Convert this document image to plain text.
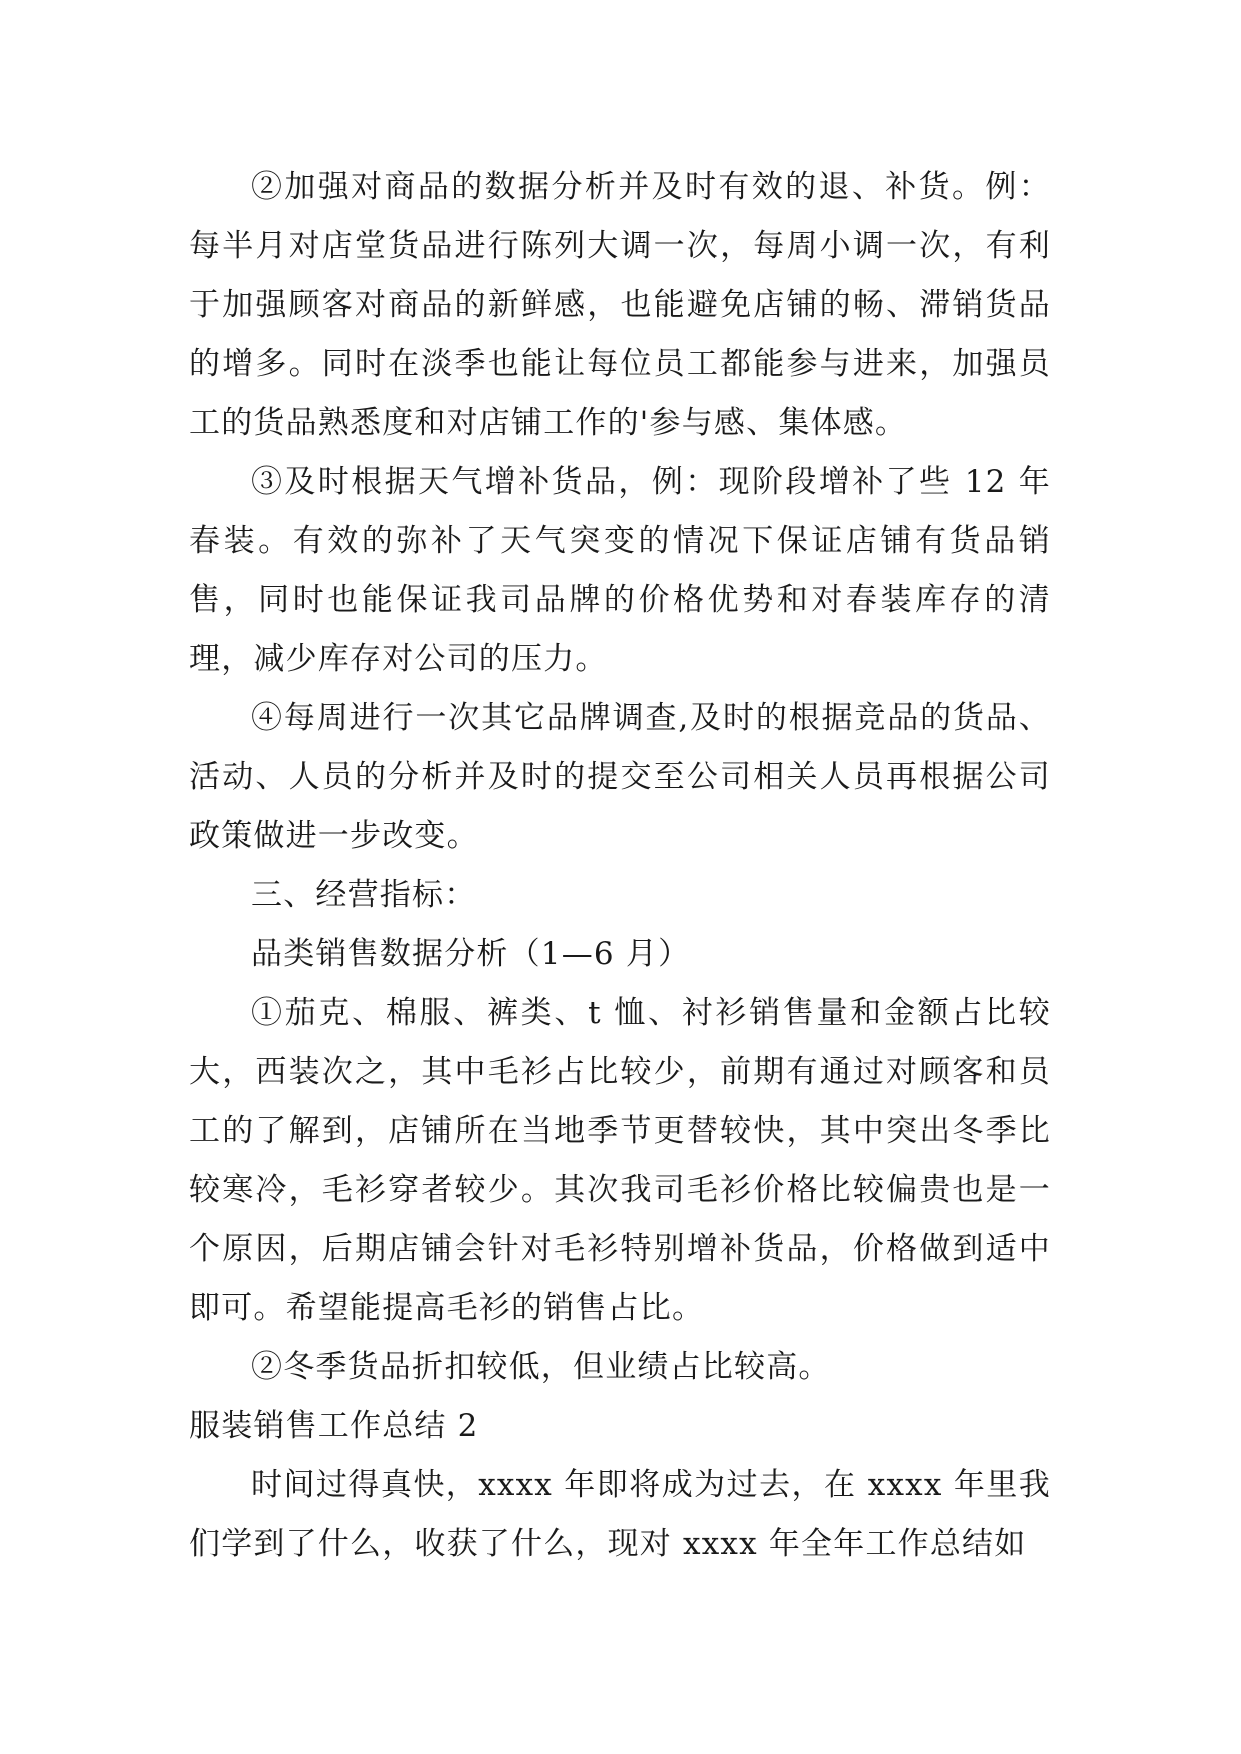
②加强对商品的数据分析并及时有效的退、补货。例：每半月对店堂货品进行陈列大调一次，每周小调一次，有利于加强顾客对商品的新鲜感，也能避免店铺的畅、滞销货品的增多。同时在淡季也能让每位员工都能参与进来，加强员工的货品熟悉度和对店铺工作的'参与感、集体感。

③及时根据天气增补货品，例：现阶段增补了些 12 年春装。有效的弥补了天气突变的情况下保证店铺有货品销售，同时也能保证我司品牌的价格优势和对春装库存的清理，减少库存对公司的压力。

④每周进行一次其它品牌调查,及时的根据竞品的货品、活动、人员的分析并及时的提交至公司相关人员再根据公司政策做进一步改变。

三、经营指标：

品类销售数据分析（1—6 月）

①茄克、棉服、裤类、t 恤、衬衫销售量和金额占比较大，西装次之，其中毛衫占比较少，前期有通过对顾客和员工的了解到，店铺所在当地季节更替较快，其中突出冬季比较寒冷，毛衫穿者较少。其次我司毛衫价格比较偏贵也是一个原因，后期店铺会针对毛衫特别增补货品，价格做到适中即可。希望能提高毛衫的销售占比。

②冬季货品折扣较低，但业绩占比较高。

服装销售工作总结 2

时间过得真快，xxxx 年即将成为过去，在 xxxx 年里我们学到了什么，收获了什么，现对 xxxx 年全年工作总结如
